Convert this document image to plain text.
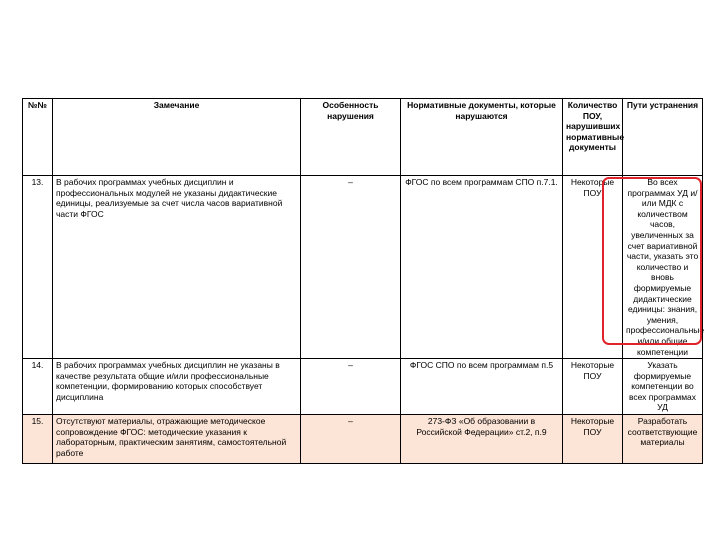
№№	Замечание	Особенность нарушения	Нормативные документы, которые нарушаются	Количество ПОУ, нарушивших нормативные документы	Пути устранения
13.	В рабочих программах учебных дисциплин и профессиональных модулей не указаны дидактические единицы, реализуемые за счет числа часов вариативной части ФГОС	–	ФГОС по всем программам СПО п.7.1.	Некоторые ПОУ	Во всех программах УД и/или МДК с количеством часов, увеличенных за счет вариативной части, указать это количество и вновь формируемые дидактические единицы: знания, умения, профессиональные и/или общие компетенции
14.	В рабочих программах учебных дисциплин не указаны в качестве результата общие и/или профессиональные компетенции, формированию которых способствует дисциплина	–	ФГОС СПО по всем программам п.5	Некоторые ПОУ	Указать формируемые компетенции во всех программах УД
15.	Отсутствуют материалы, отражающие методическое сопровождение ФГОС: методические указания к лабораторным, практическим занятиям, самостоятельной работе	–	273-ФЗ «Об образовании в Российской Федерации» ст.2, п.9	Некоторые ПОУ	Разработать соответствующие материалы
